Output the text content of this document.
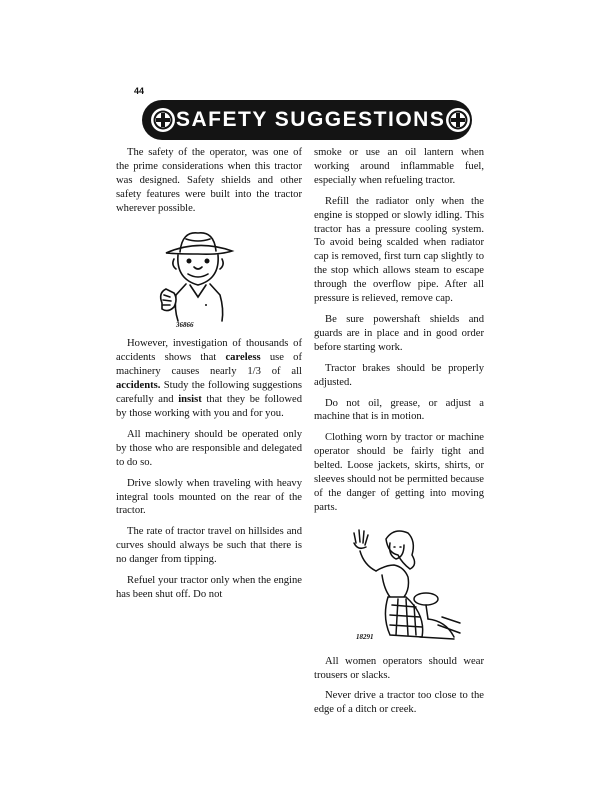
44
SAFETY SUGGESTIONS

The safety of the operator, was one of the prime considerations when this tractor was designed. Safety shields and other safety features were built into the tractor wherever possible.

36866

However, investigation of thousands of accidents shows that careless use of machinery causes nearly 1/3 of all accidents. Study the following suggestions carefully and insist that they be followed by those working with you and for you.

All machinery should be operated only by those who are responsible and delegated to do so.

Drive slowly when traveling with heavy integral tools mounted on the rear of the tractor.

The rate of tractor travel on hillsides and curves should always be such that there is no danger from tipping.

Refuel your tractor only when the engine has been shut off. Do not

smoke or use an oil lantern when working around inflammable fuel, especially when refueling tractor.

Refill the radiator only when the engine is stopped or slowly idling. This tractor has a pressure cooling system. To avoid being scalded when radiator cap is removed, first turn cap slightly to the stop which allows steam to escape through the overflow pipe. After all pressure is relieved, remove cap.

Be sure powershaft shields and guards are in place and in good order before starting work.

Tractor brakes should be properly adjusted.

Do not oil, grease, or adjust a machine that is in motion.

Clothing worn by tractor or machine operator should be fairly tight and belted. Loose jackets, skirts, shirts, or sleeves should not be permitted because of the danger of getting into moving parts.

18291

All women operators should wear trousers or slacks.

Never drive a tractor too close to the edge of a ditch or creek.
